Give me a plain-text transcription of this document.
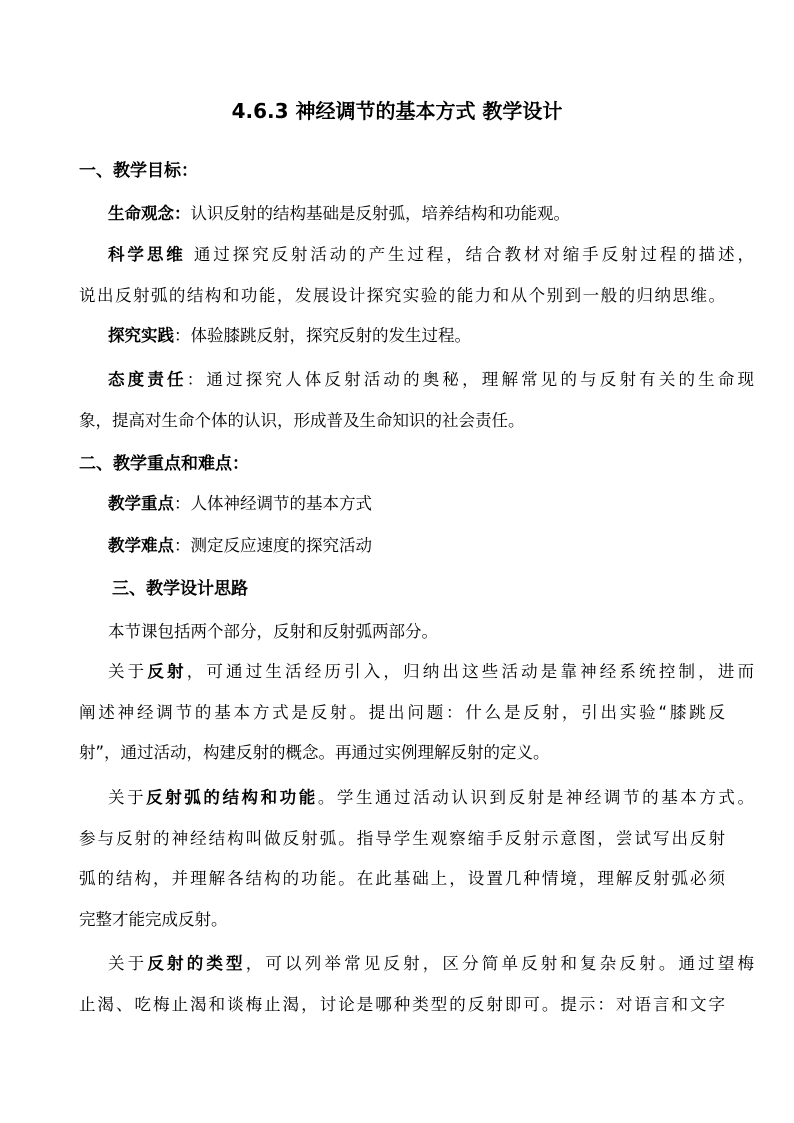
4.6.3 神经调节的基本方式 教学设计
一、教学目标：
生命观念：认识反射的结构基础是反射弧，培养结构和功能观。
科学思维 通过探究反射活动的产生过程，结合教材对缩手反射过程的描述，
说出反射弧的结构和功能，发展设计探究实验的能力和从个别到一般的归纳思维。
探究实践：体验膝跳反射，探究反射的发生过程。
态度责任：通过探究人体反射活动的奥秘，理解常见的与反射有关的生命现
象，提高对生命个体的认识，形成普及生命知识的社会责任。
二、教学重点和难点：
教学重点：人体神经调节的基本方式
教学难点：测定反应速度的探究活动
三、教学设计思路
本节课包括两个部分，反射和反射弧两部分。
关于反射，可通过生活经历引入，归纳出这些活动是靠神经系统控制，进而
阐述神经调节的基本方式是反射。提出问题：什么是反射，引出实验“膝跳反
射”，通过活动，构建反射的概念。再通过实例理解反射的定义。
关于反射弧的结构和功能。学生通过活动认识到反射是神经调节的基本方式。
参与反射的神经结构叫做反射弧。指导学生观察缩手反射示意图，尝试写出反射
弧的结构，并理解各结构的功能。在此基础上，设置几种情境，理解反射弧必须
完整才能完成反射。
关于反射的类型，可以列举常见反射，区分简单反射和复杂反射。通过望梅
止渴、吃梅止渴和谈梅止渴，讨论是哪种类型的反射即可。提示：对语言和文字
